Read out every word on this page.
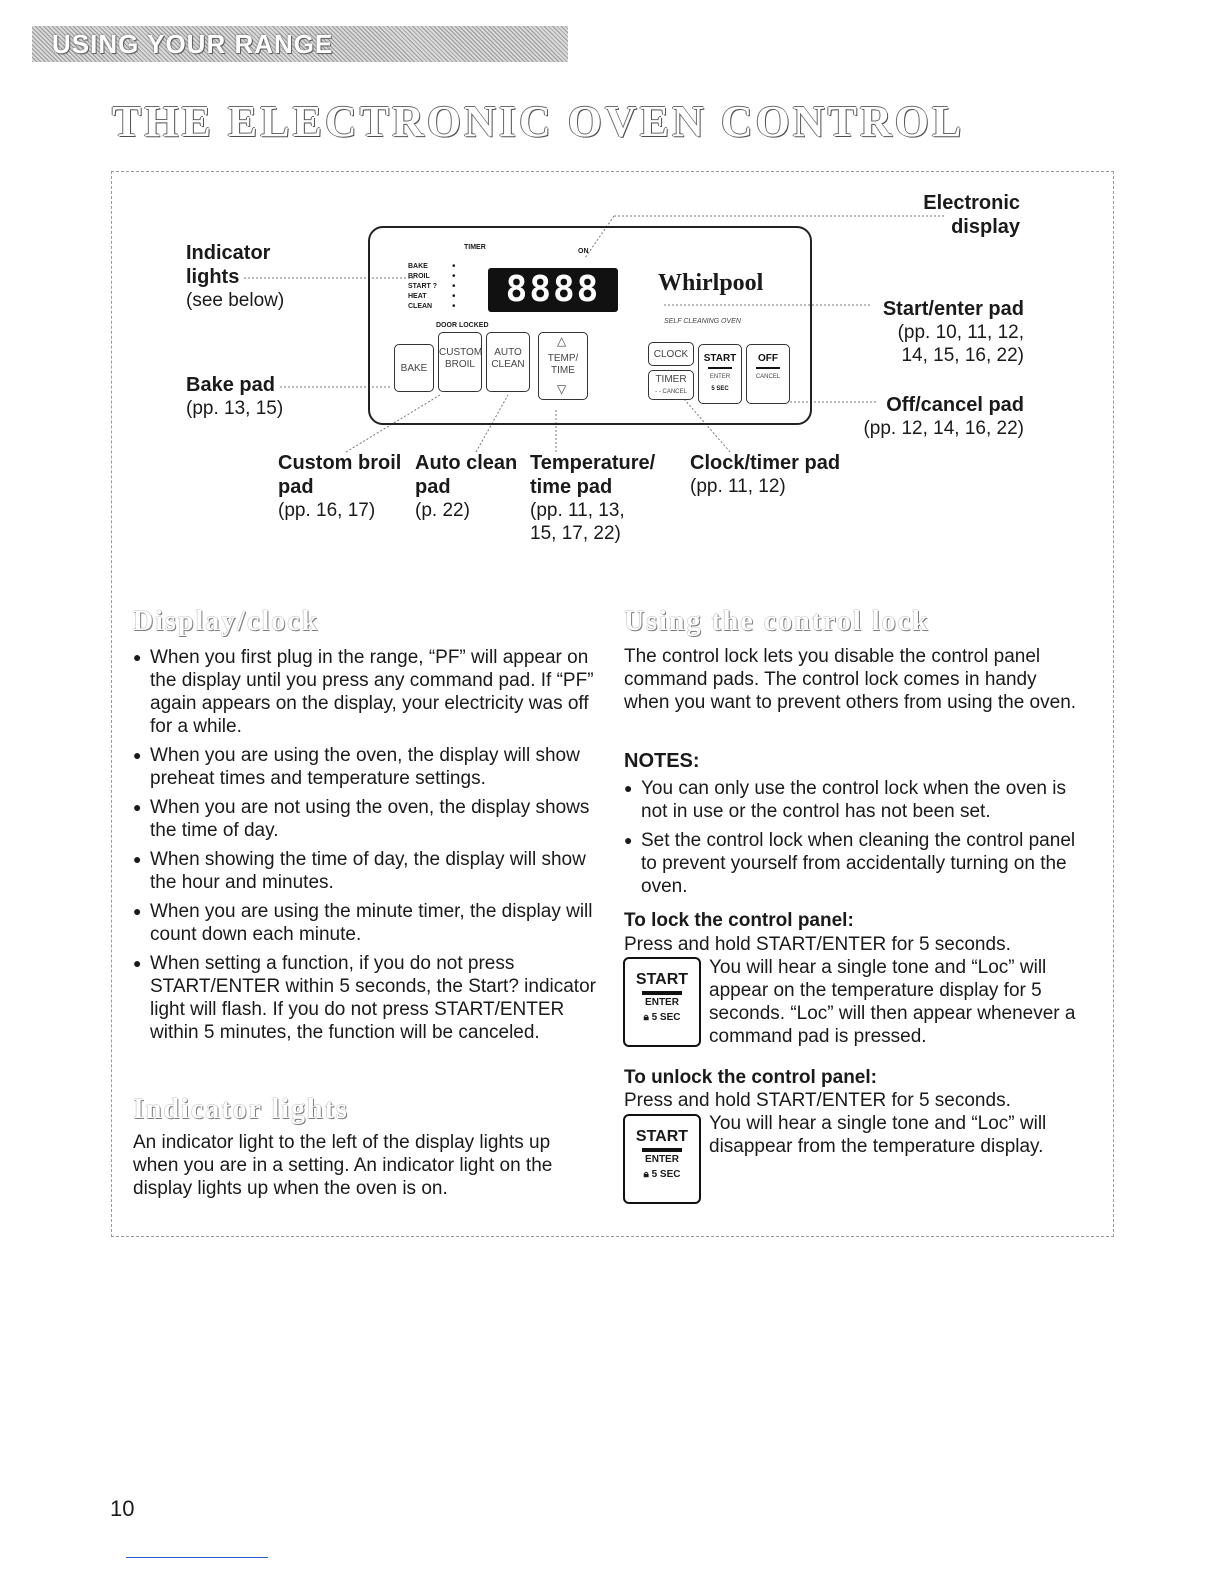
USING YOUR RANGE
THE ELECTRONIC OVEN CONTROL
Electronic
display
Indicator
lights
(see below)	Start/enter pad
(pp. 10, 11, 12,
14, 15, 16, 22)
Bake pad
(pp. 13, 15)	Off/cancel pad
(pp. 12, 14, 16, 22)
Custom broil
pad
(pp. 16, 17)
Auto clean
pad
(p. 22)
Temperature/
time pad
(pp. 11, 13,
15, 17, 22)
Clock/timer pad
(pp. 11, 12)
TIMER
ON
BAKE
BROIL
START ?
HEAT
CLEAN
•
•
•
•
•
DOOR LOCKED
8888	Whirlpool
SELF CLEANING OVEN
BAKE
CUSTOM BROIL
AUTO CLEAN
△
TEMP/ TIME
▽
CLOCK
TIMER
- - CANCEL
START
ENTER
5 SEC
OFF
CANCEL
Display/clock
● When you first plug in the range, “PF” will appear on the display until you press any command pad. If “PF” again appears on the display, your electricity was off for a while.
● When you are using the oven, the display will show preheat times and temperature settings.
● When you are not using the oven, the display shows the time of day.
● When showing the time of day, the display will show the hour and minutes.
● When you are using the minute timer, the display will count down each minute.
● When setting a function, if you do not press START/ENTER within 5 seconds, the Start? indicator light will flash. If you do not press START/ENTER within 5 minutes, the function will be canceled.
Indicator lights
An indicator light to the left of the display lights up when you are in a setting. An indicator light on the display lights up when the oven is on.
Using the control lock
The control lock lets you disable the control panel command pads. The control lock comes in handy when you want to prevent others from using the oven.
NOTES:
● You can only use the control lock when the oven is not in use or the control has not been set.
● Set the control lock when cleaning the control panel to prevent yourself from accidentally turning on the oven.
To lock the control panel:
Press and hold START/ENTER for 5 seconds.
START
ENTER
🔒︎ 5 SEC
You will hear a single tone and “Loc” will appear on the temperature display for 5 seconds. “Loc” will then appear whenever a command pad is pressed.
To unlock the control panel:
Press and hold START/ENTER for 5 seconds.
START
ENTER
🔒︎ 5 SEC
You will hear a single tone and “Loc” will disappear from the temperature display.
10
